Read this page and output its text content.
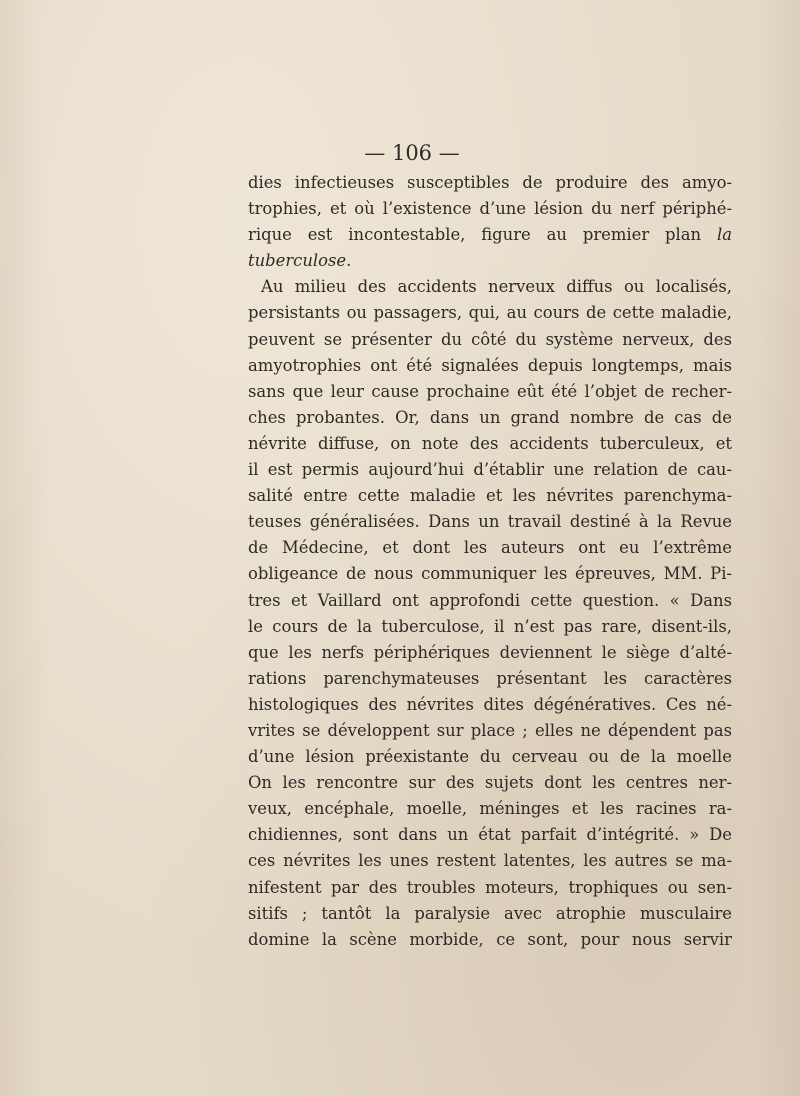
— 106 —
dies infectieuses susceptibles de produire des amyo-
trophies, et où l’existence d’une lésion du nerf périphé-
rique est incontestable, figure au premier plan la
tuberculose.
Au milieu des accidents nerveux diffus ou localisés,
persistants ou passagers, qui, au cours de cette maladie,
peuvent se présenter du côté du système nerveux, des
amyotrophies ont été signalées depuis longtemps, mais
sans que leur cause prochaine eût été l’objet de recher-
ches probantes. Or, dans un grand nombre de cas de
névrite diffuse, on note des accidents tuberculeux, et
il est permis aujourd’hui d’établir une relation de cau-
salité entre cette maladie et les névrites parenchyma-
teuses généralisées. Dans un travail destiné à la Revue
de Médecine, et dont les auteurs ont eu l’extrême
obligeance de nous communiquer les épreuves, MM. Pi-
tres et Vaillard ont approfondi cette question. « Dans
le cours de la tuberculose, il n’est pas rare, disent-ils,
que les nerfs périphériques deviennent le siège d’alté-
rations parenchymateuses présentant les caractères
histologiques des névrites dites dégénératives. Ces né-
vrites se développent sur place ; elles ne dépendent pas
d’une lésion préexistante du cerveau ou de la moelle
On les rencontre sur des sujets dont les centres ner-
veux, encéphale, moelle, méninges et les racines ra-
chidiennes, sont dans un état parfait d’intégrité. » De
ces névrites les unes restent latentes, les autres se ma-
nifestent par des troubles moteurs, trophiques ou sen-
sitifs ; tantôt la paralysie avec atrophie musculaire
domine la scène morbide, ce sont, pour nous servir
